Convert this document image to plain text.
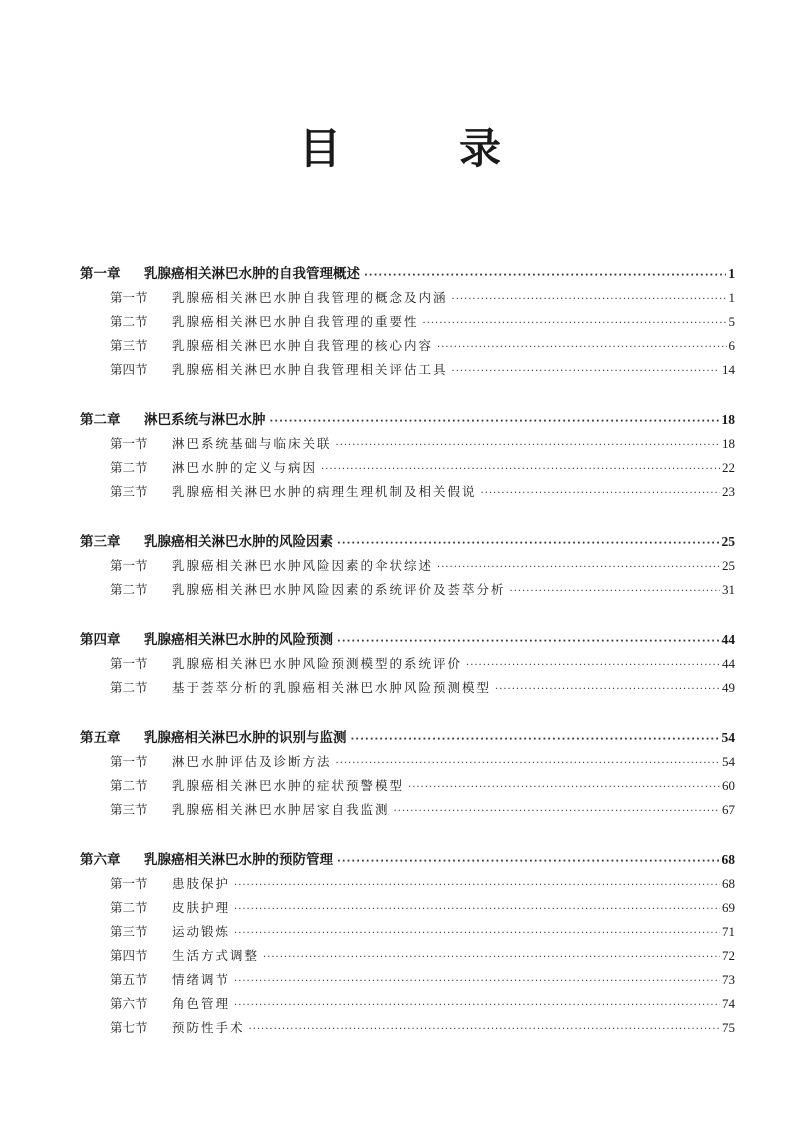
目　录
第一章	乳腺癌相关淋巴水肿的自我管理概述 ·····	1
第一节	乳腺癌相关淋巴水肿自我管理的概念及内涵 ·····	1
第二节	乳腺癌相关淋巴水肿自我管理的重要性 ·····	5
第三节	乳腺癌相关淋巴水肿自我管理的核心内容 ·····	6
第四节	乳腺癌相关淋巴水肿自我管理相关评估工具 ·····	14
第二章	淋巴系统与淋巴水肿 ·····	18
第一节	淋巴系统基础与临床关联 ·····	18
第二节	淋巴水肿的定义与病因 ·····	22
第三节	乳腺癌相关淋巴水肿的病理生理机制及相关假说 ·····	23
第三章	乳腺癌相关淋巴水肿的风险因素 ·····	25
第一节	乳腺癌相关淋巴水肿风险因素的伞状综述 ·····	25
第二节	乳腺癌相关淋巴水肿风险因素的系统评价及荟萃分析 ·····	31
第四章	乳腺癌相关淋巴水肿的风险预测 ·····	44
第一节	乳腺癌相关淋巴水肿风险预测模型的系统评价 ·····	44
第二节	基于荟萃分析的乳腺癌相关淋巴水肿风险预测模型 ·····	49
第五章	乳腺癌相关淋巴水肿的识别与监测 ·····	54
第一节	淋巴水肿评估及诊断方法 ·····	54
第二节	乳腺癌相关淋巴水肿的症状预警模型 ·····	60
第三节	乳腺癌相关淋巴水肿居家自我监测 ·····	67
第六章	乳腺癌相关淋巴水肿的预防管理 ·····	68
第一节	患肢保护 ·····	68
第二节	皮肤护理 ·····	69
第三节	运动锻炼 ·····	71
第四节	生活方式调整 ·····	72
第五节	情绪调节 ·····	73
第六节	角色管理 ·····	74
第七节	预防性手术 ·····	75
